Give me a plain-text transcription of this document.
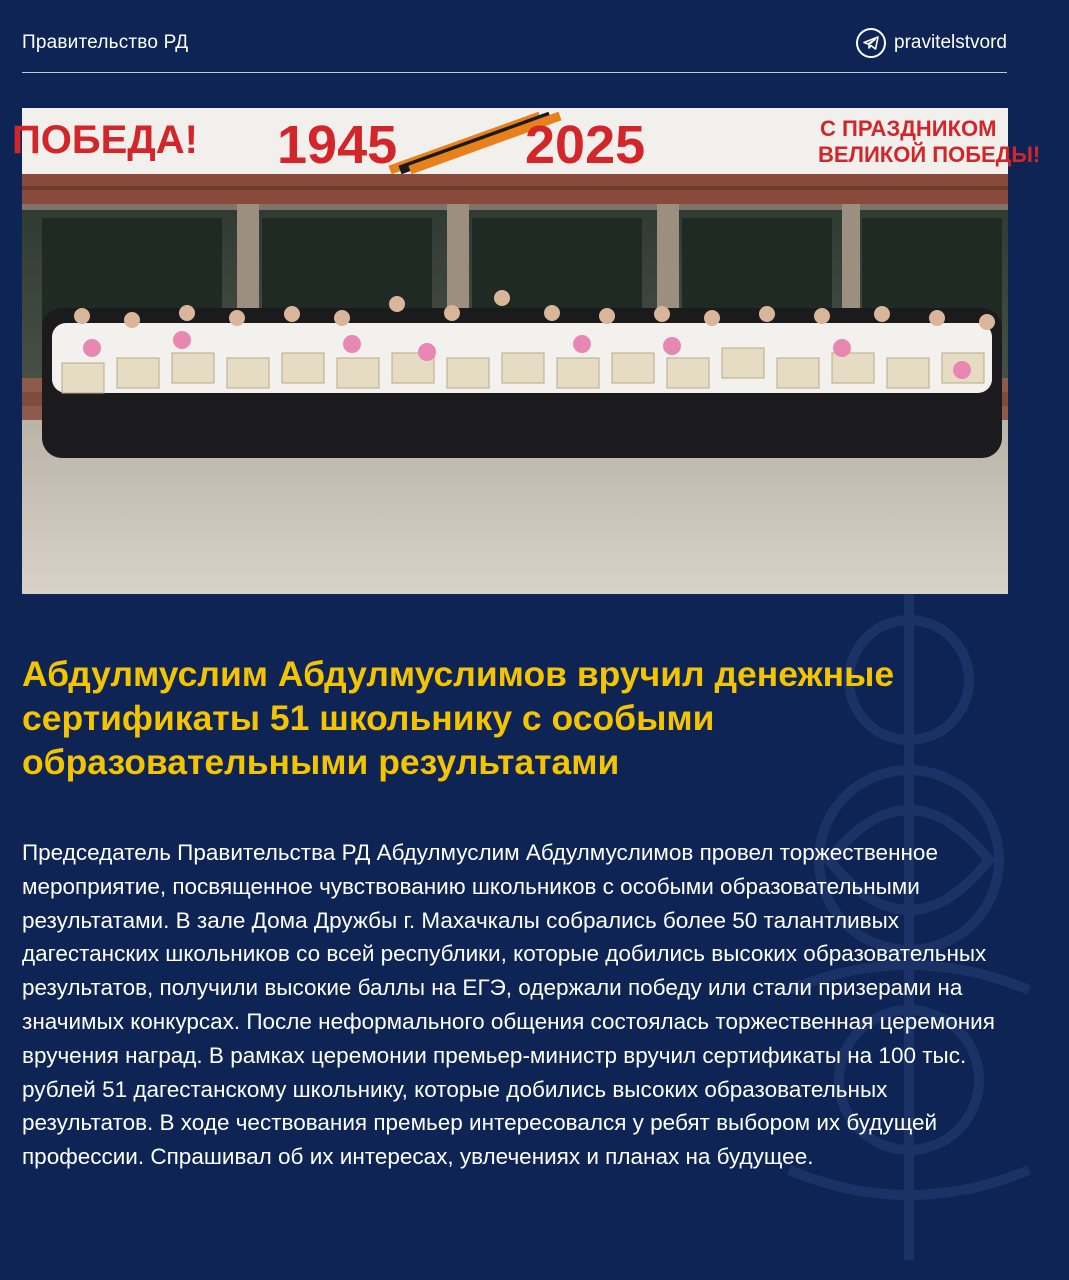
Правительство РД	pravitelstvord
ПОБЕДА! 1945 2025	С ПРАЗДНИКОМ
ВЕЛИКОЙ ПОБЕДЫ!
Абдулмуслим Абдулмуслимов вручил денежные сертификаты 51 школьнику с особыми образовательными результатами

Председатель Правительства РД Абдулмуслим Абдулмуслимов провел торжественное мероприятие, посвященное чувствованию школьников с особыми образовательными результатами. В зале Дома Дружбы г. Махачкалы собрались более 50 талантливых дагестанских школьников со всей республики, которые добились высоких образовательных результатов, получили высокие баллы на ЕГЭ, одержали победу или стали призерами на значимых конкурсах. После неформального общения состоялась торжественная церемония вручения наград. В рамках церемонии премьер-министр вручил сертификаты на 100 тыс. рублей 51 дагестанскому школьнику, которые добились высоких образовательных результатов. В ходе чествования премьер интересовался у ребят выбором их будущей профессии. Спрашивал об их интересах, увлечениях и планах на будущее.
